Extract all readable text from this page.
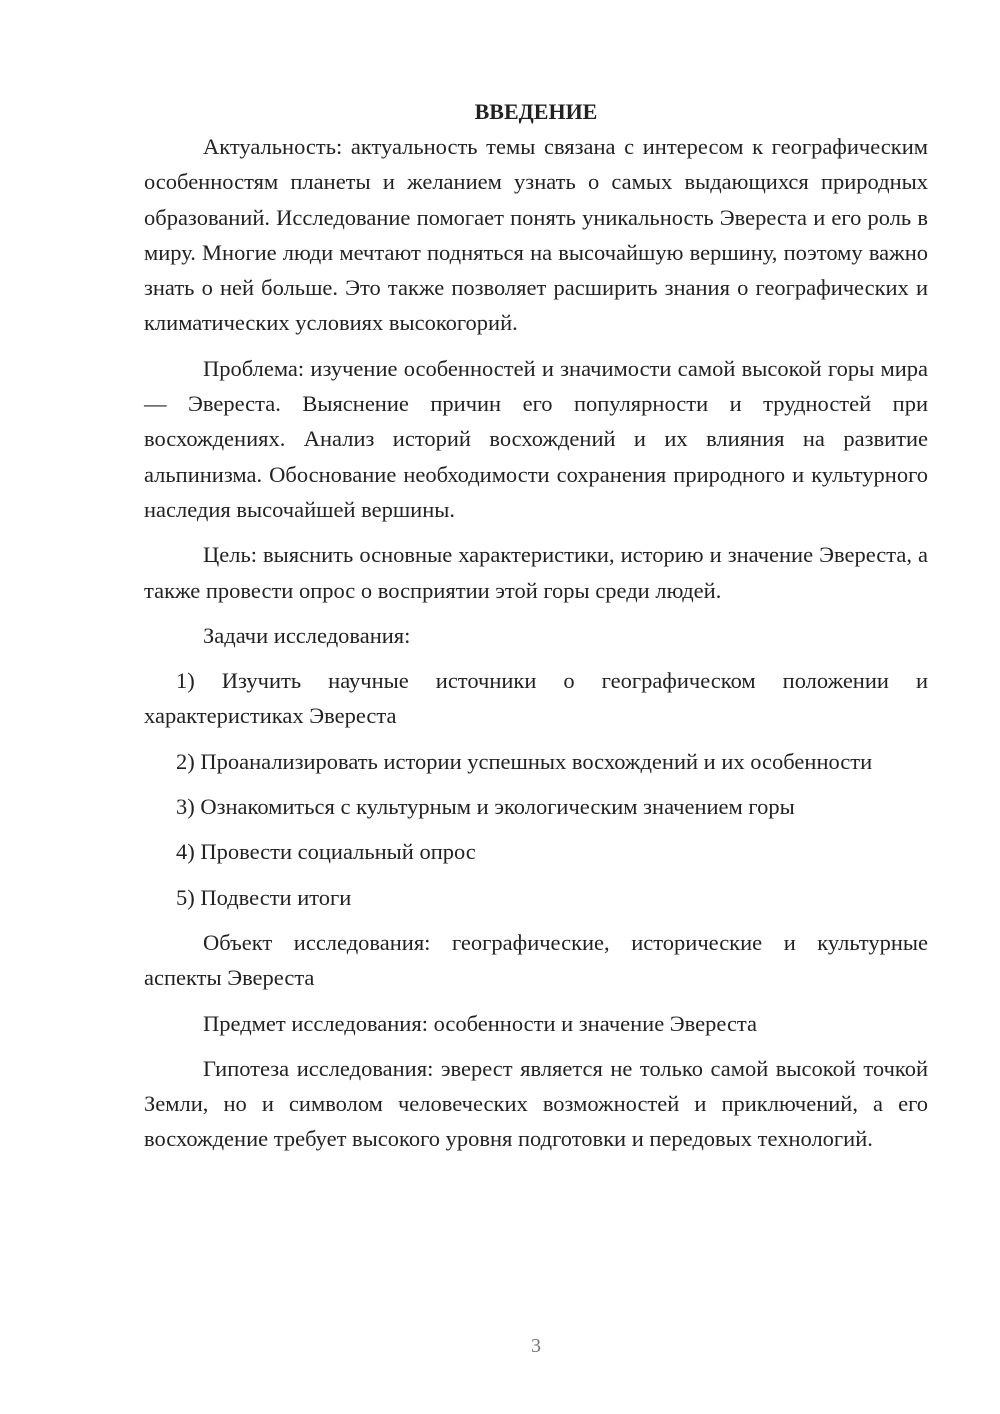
ВВЕДЕНИЕ

Актуальность: актуальность темы связана с интересом к географическим особенностям планеты и желанием узнать о самых выдающихся природных образований. Исследование помогает понять уникальность Эвереста и его роль в миру. Многие люди мечтают подняться на высочайшую вершину, поэтому важно знать о ней больше. Это также позволяет расширить знания о географических и климатических условиях высокогорий.

Проблема: изучение особенностей и значимости самой высокой горы мира — Эвереста. Выяснение причин его популярности и трудностей при восхождениях. Анализ историй восхождений и их влияния на развитие альпинизма. Обоснование необходимости сохранения природного и культурного наследия высочайшей вершины.

Цель: выяснить основные характеристики, историю и значение Эвереста, а также провести опрос о восприятии этой горы среди людей.

Задачи исследования:

1) Изучить научные источники о географическом положении и характеристиках Эвереста

2) Проанализировать истории успешных восхождений и их особенности

3) Ознакомиться с культурным и экологическим значением горы

4) Провести социальный опрос

5) Подвести итоги

Объект исследования: географические, исторические и культурные аспекты Эвереста

Предмет исследования: особенности и значение Эвереста

Гипотеза исследования: эверест является не только самой высокой точкой Земли, но и символом человеческих возможностей и приключений, а его восхождение требует высокого уровня подготовки и передовых технологий.

3
